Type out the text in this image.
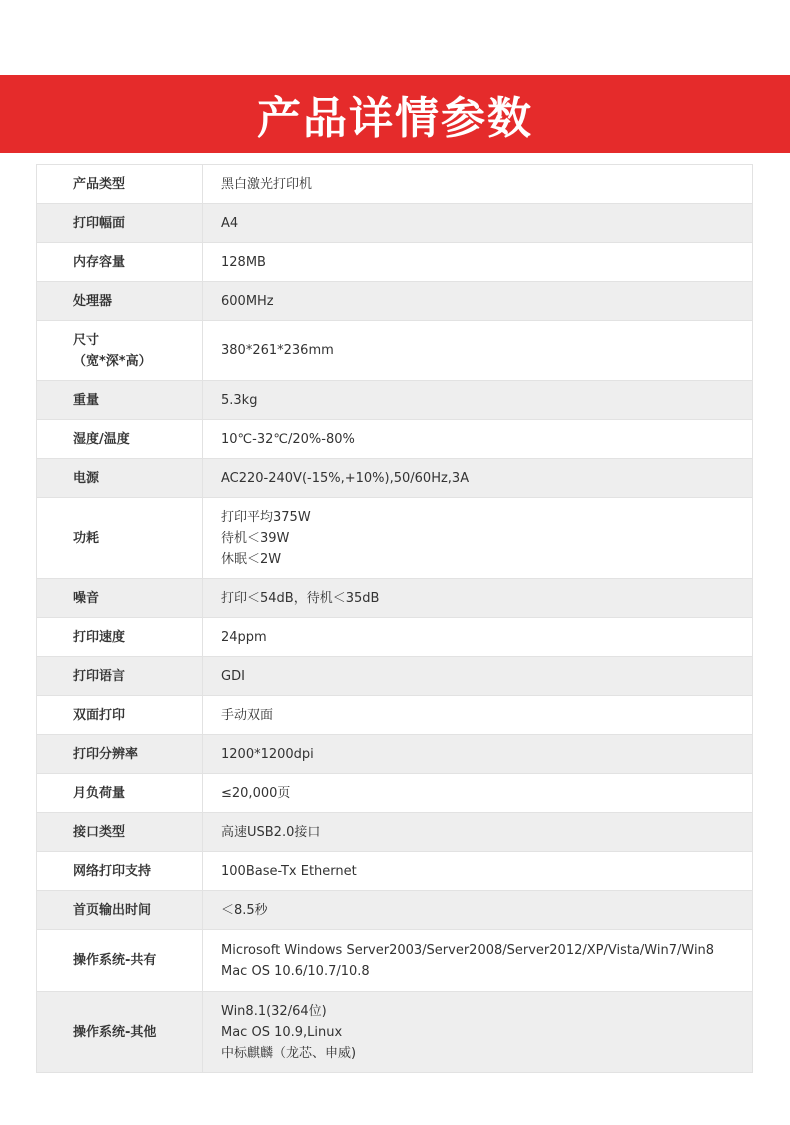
产品详情参数
产品类型	黑白激光打印机

打印幅面	A4

内存容量	128MB

处理器	600MHz

尺寸
（宽*深*高）	380*261*236mm

重量	5.3kg

湿度/温度	10℃-32℃/20%-80%

电源	AC220-240V(-15%,+10%),50/60Hz,3A

功耗	打印平均375W
待机＜39W
休眠＜2W

噪音	打印＜54dB，待机＜35dB

打印速度	24ppm

打印语言	GDI

双面打印	手动双面

打印分辨率	1200*1200dpi

月负荷量	≤20,000页

接口类型	高速USB2.0接口

网络打印支持	100Base-Tx Ethernet

首页输出时间	＜8.5秒

操作系统-共有	Microsoft Windows Server2003/Server2008/Server2012/XP/Vista/Win7/Win8
Mac OS 10.6/10.7/10.8

操作系统-其他	Win8.1(32/64位)
Mac OS 10.9,Linux
中标麒麟（龙芯、申威)
